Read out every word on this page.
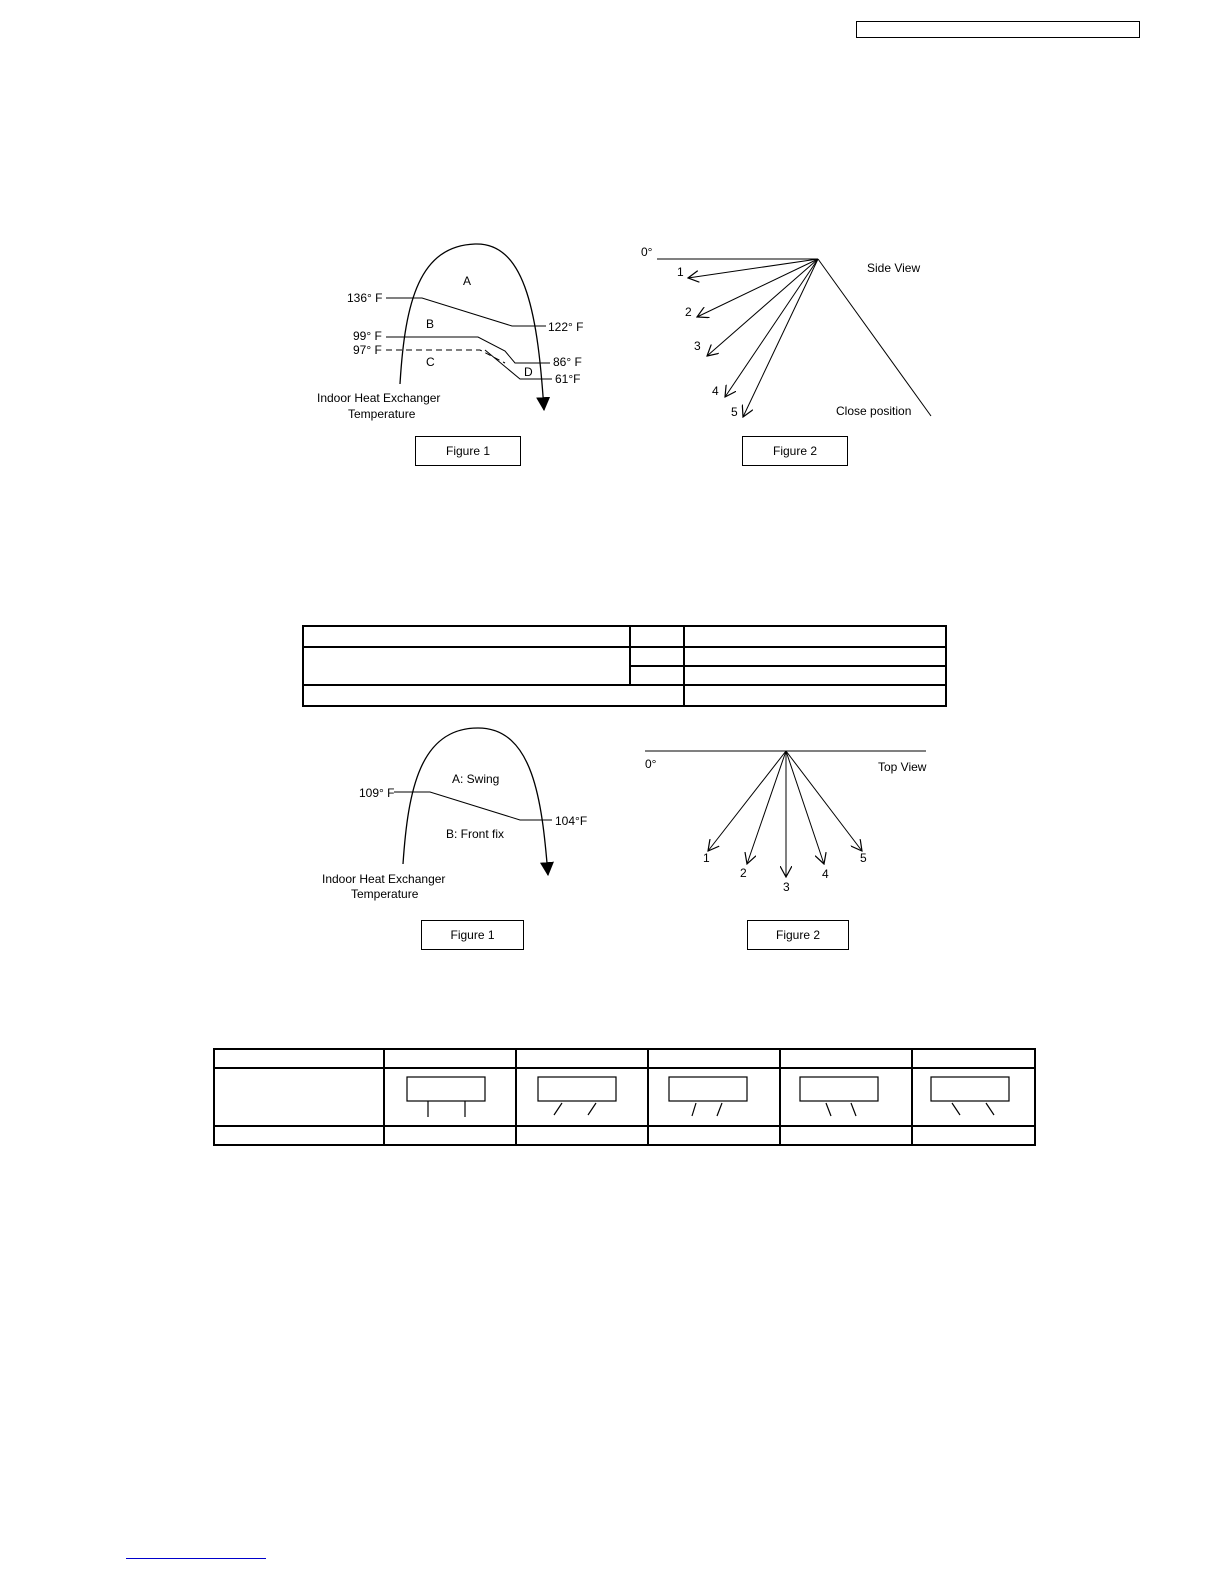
A
B
C
D
136° F
99° F
97° F
122° F
86° F
61°F
Indoor Heat Exchanger
Temperature
0°
1
2
3
4
5
Side View
Close position
A: Swing
B: Front fix
109° F
104°F
Indoor Heat Exchanger
Temperature
0°	Top View
1
2
3
4
5
Figure 1	Figure 2
Figure 1	Figure 2
